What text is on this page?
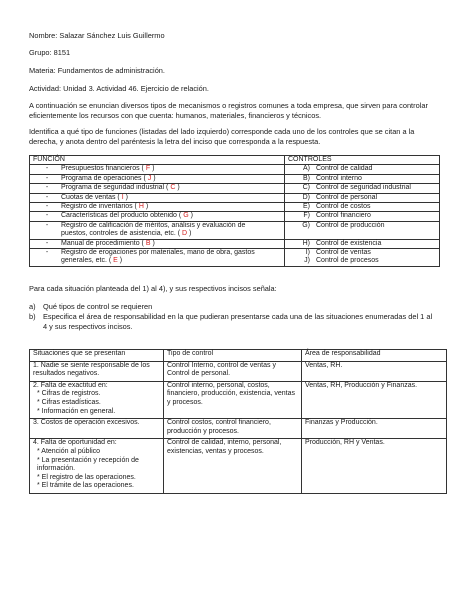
Nombre: Salazar Sánchez Luis Guillermo
Grupo: 8151
Materia: Fundamentos de administración.
Actividad: Unidad 3. Actividad 46. Ejercicio de relación.
A continuación se enuncian diversos tipos de mecanismos o registros comunes a toda empresa, que sirven para controlar eficientemente los recursos con que cuenta: humanos, materiales, financieros y técnicos.
Identifica a qué tipo de funciones (listadas del lado izquierdo) corresponde cada uno de los controles que se citan a la derecha, y anota dentro del paréntesis la letra del inciso que corresponda a la respuesta.
FUNCIÓN	CONTROLES
- Presupuestos financieros ( F )	A) Control de calidad

- Programa de operaciones ( J )	B) Control interno

- Programa de seguridad industrial ( C )	C) Control de seguridad industrial

- Cuotas de ventas ( I )	D) Control de personal

- Registro de inventarios ( H )	E) Control de costos

- Características del producto obtenido ( G )	F) Control financiero

- Registro de calificación de méritos, análisis y evaluación de puestos, controles de asistencia, etc. ( D )	G) Control de producción

- Manual de procedimiento ( B )	H) Control de existencia

- Registro de erogaciones por materiales, mano de obra, gastos generales, etc. ( E )	I) Control de ventas
J) Control de procesos
Para cada situación planteada del 1) al 4), y sus respectivos incisos señala:
a) Qué tipos de control se requieren
b) Especifica el área de responsabilidad en la que pudieran presentarse cada una de las situaciones enumeradas del 1 al 4 y sus respectivos incisos.
Situaciones que se presentan	Tipo de control	Área de responsabilidad

1. Nadie se siente responsable de los resultados negativos.	Control Interno, control de ventas y Control de personal.	Ventas, RH.

2. Falta de exactitud en:
* Cifras de registros.
* Cifras estadísticas.
* Información en general.	Control interno, personal, costos, financiero, producción, existencia, ventas y procesos.	Ventas, RH, Producción y Finanzas.

3. Costos de operación excesivos.	Control costos, control financiero, producción y procesos.	Finanzas y Producción.

4. Falta de oportunidad en:
* Atención al público
* La presentación y recepción de información.
* El registro de las operaciones.
* El trámite de las operaciones.	Control de calidad, interno, personal, existencias, ventas y procesos.	Producción, RH y Ventas.
